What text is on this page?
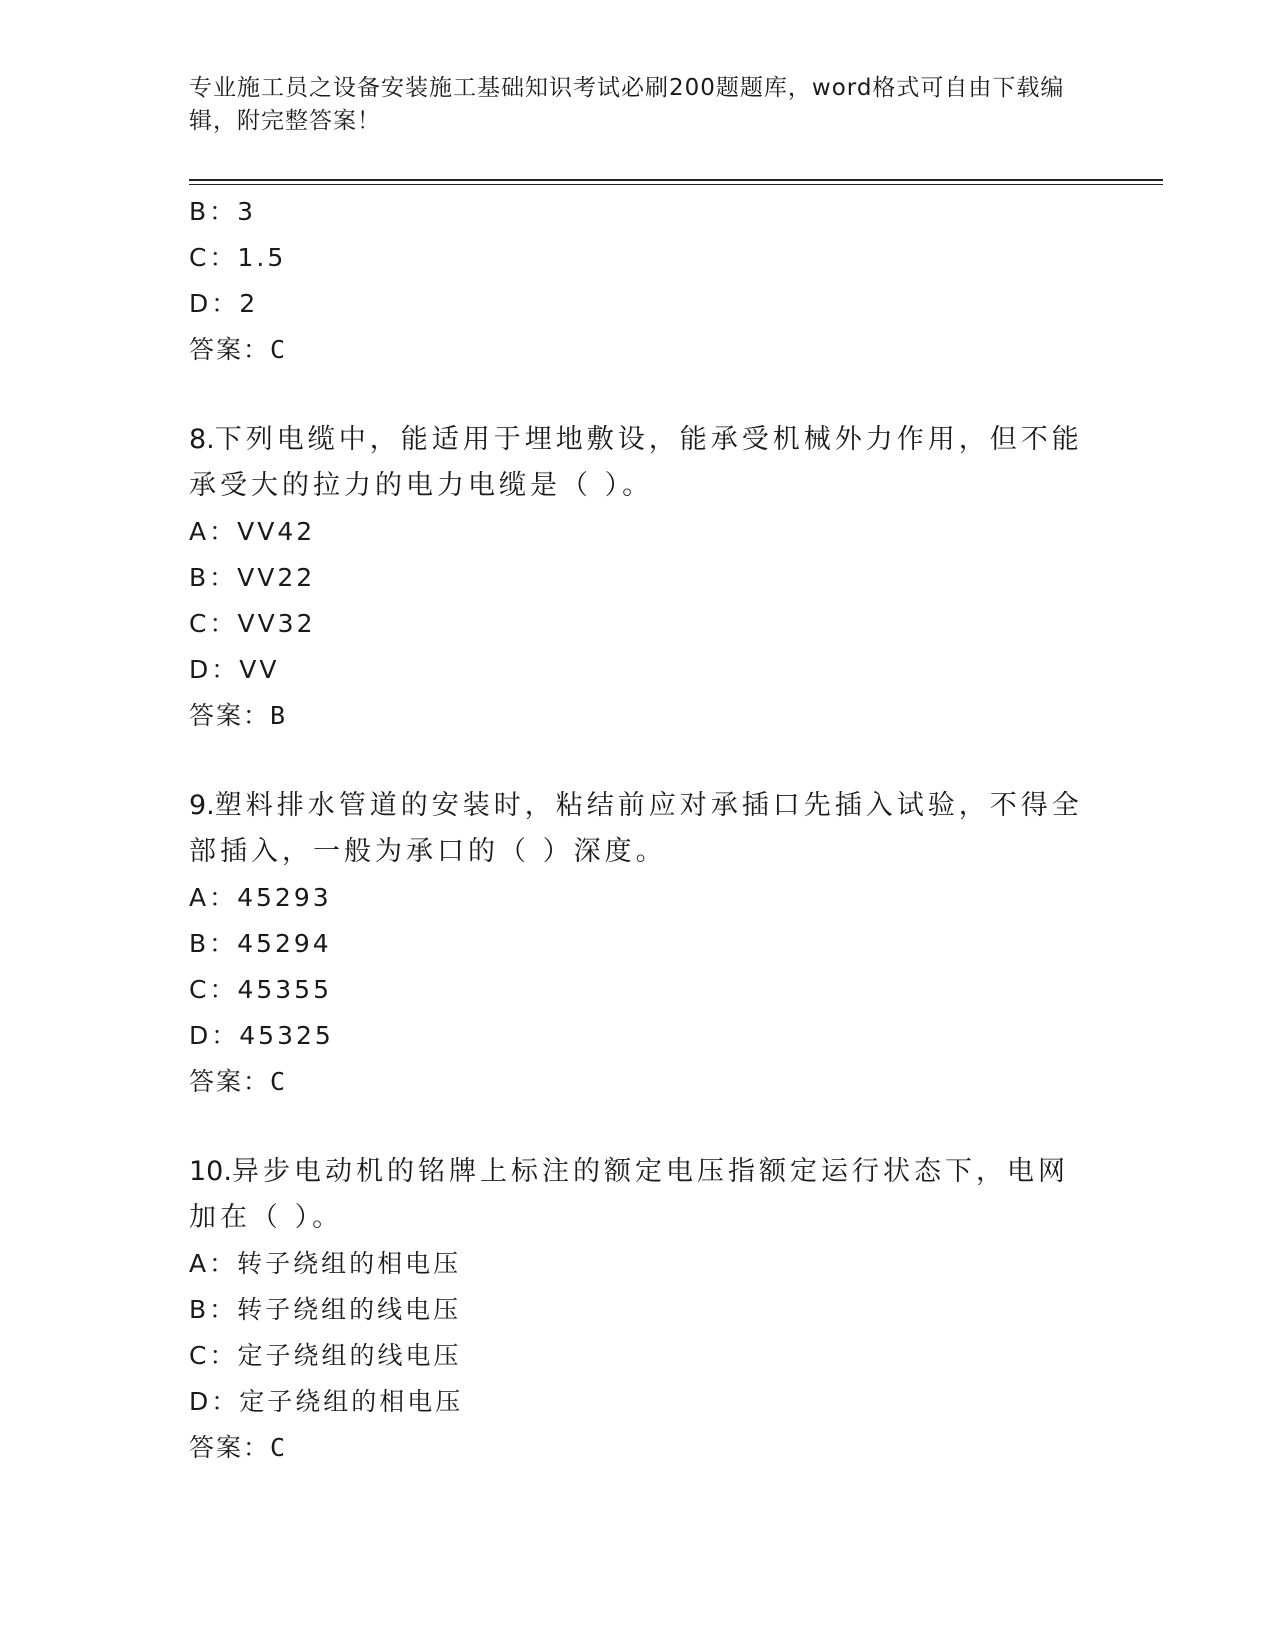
专业施工员之设备安装施工基础知识考试必刷200题题库，word格式可自由下载编辑，附完整答案！
B：3
C：1.5
D：2
答案：C
8.下列电缆中，能适用于埋地敷设，能承受机械外力作用，但不能承受大的拉力的电力电缆是（ ）。
A：VV42
B：VV22
C：VV32
D：VV
答案：B
9.塑料排水管道的安装时，粘结前应对承插口先插入试验，不得全部插入，一般为承口的（ ）深度。
A：45293
B：45294
C：45355
D：45325
答案：C
10.异步电动机的铭牌上标注的额定电压指额定运行状态下，电网加在（ ）。
A：转子绕组的相电压
B：转子绕组的线电压
C：定子绕组的线电压
D：定子绕组的相电压
答案：C
